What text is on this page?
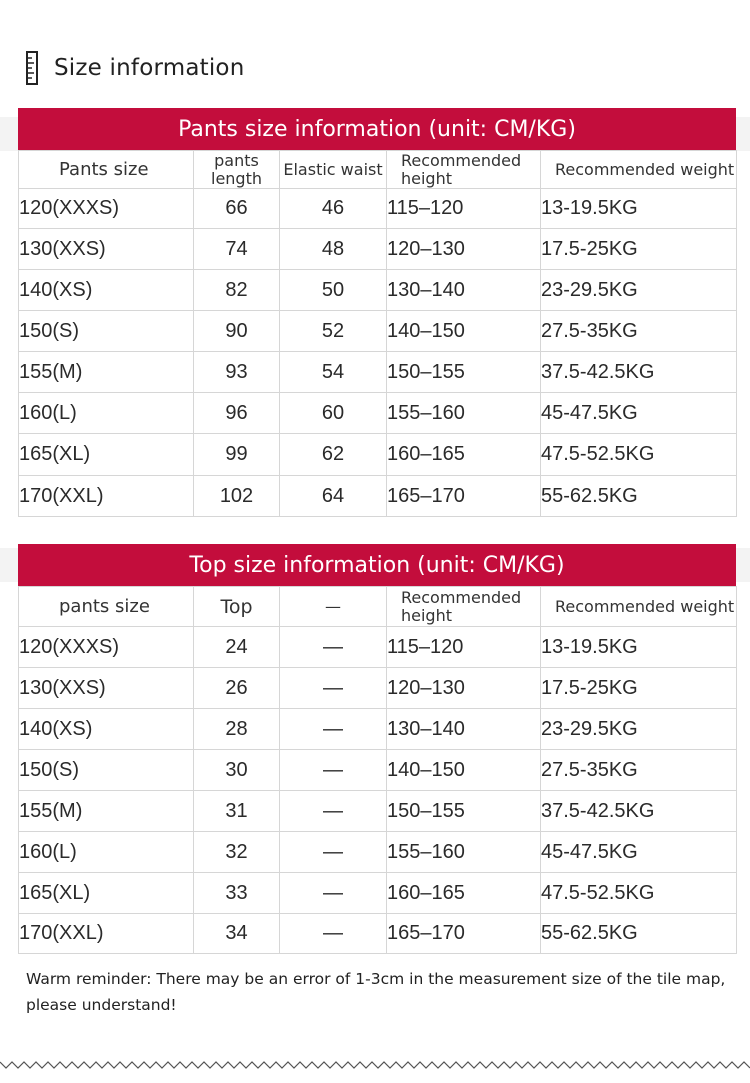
Size information
Pants size information (unit: CM/KG)
Pants size	pants length	Elastic waist	Recommended height	Recommended weight
120(XXXS)	66	46	115–120	13-19.5KG
130(XXS)	74	48	120–130	17.5-25KG
140(XS)	82	50	130–140	23-29.5KG
150(S)	90	52	140–150	27.5-35KG
155(M)	93	54	150–155	37.5-42.5KG
160(L)	96	60	155–160	45-47.5KG
165(XL)	99	62	160–165	47.5-52.5KG
170(XXL)	102	64	165–170	55-62.5KG
Top size information (unit: CM/KG)
pants size	Top	—	Recommended height	Recommended weight
120(XXXS)	24	—	115–120	13-19.5KG
130(XXS)	26	—	120–130	17.5-25KG
140(XS)	28	—	130–140	23-29.5KG
150(S)	30	—	140–150	27.5-35KG
155(M)	31	—	150–155	37.5-42.5KG
160(L)	32	—	155–160	45-47.5KG
165(XL)	33	—	160–165	47.5-52.5KG
170(XXL)	34	—	165–170	55-62.5KG
Warm reminder: There may be an error of 1-3cm in the measurement size of the tile map, please understand!
